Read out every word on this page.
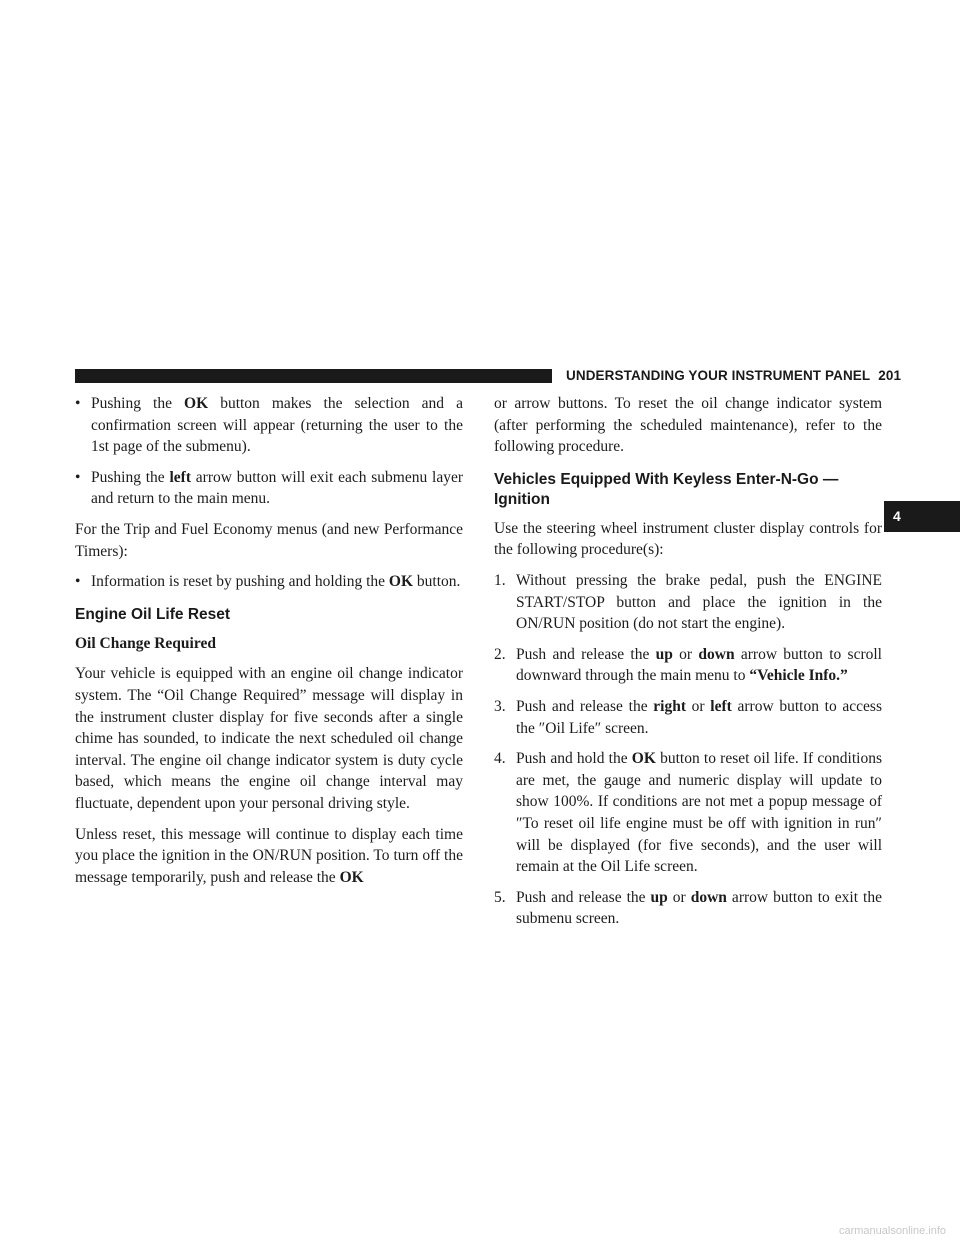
UNDERSTANDING YOUR INSTRUMENT PANEL 201
4
• Pushing the OK button makes the selection and a confirmation screen will appear (returning the user to the 1st page of the submenu).
• Pushing the left arrow button will exit each submenu layer and return to the main menu.

For the Trip and Fuel Economy menus (and new Performance Timers):

• Information is reset by pushing and holding the OK button.
Engine Oil Life Reset
Oil Change Required

Your vehicle is equipped with an engine oil change indicator system. The “Oil Change Required” message will display in the instrument cluster display for five seconds after a single chime has sounded, to indicate the next scheduled oil change interval. The engine oil change indicator system is duty cycle based, which means the engine oil change interval may fluctuate, dependent upon your personal driving style.

Unless reset, this message will continue to display each time you place the ignition in the ON/RUN position. To turn off the message temporarily, push and release the OK

or arrow buttons. To reset the oil change indicator system (after performing the scheduled maintenance), refer to the following procedure.

Vehicles Equipped With Keyless Enter-N-Go — Ignition

Use the steering wheel instrument cluster display controls for the following procedure(s):

1. Without pressing the brake pedal, push the ENGINE START/STOP button and place the ignition in the ON/RUN position (do not start the engine).
2. Push and release the up or down arrow button to scroll downward through the main menu to “Vehicle Info.”
3. Push and release the right or left arrow button to access the ″Oil Life″ screen.
4. Push and hold the OK button to reset oil life. If conditions are met, the gauge and numeric display will update to show 100%. If conditions are not met a popup message of ″To reset oil life engine must be off with ignition in run″ will be displayed (for five seconds), and the user will remain at the Oil Life screen.
5. Push and release the up or down arrow button to exit the submenu screen.
carmanualsonline.info
